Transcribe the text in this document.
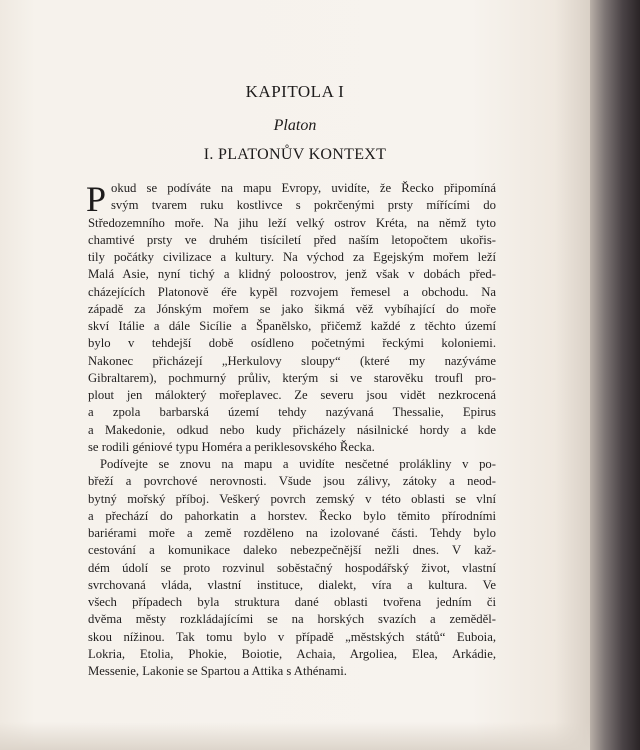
KAPITOLA I
Platon
I. PLATONŮV KONTEXT
P okud se podíváte na mapu Evropy, uvidíte, že Řecko připomíná
svým tvarem ruku kostlivce s pokrčenými prsty mířícími do
Středozemního moře. Na jihu leží velký ostrov Kréta, na němž tyto
chamtivé prsty ve druhém tisíciletí před naším letopočtem ukořis-
tily počátky civilizace a kultury. Na východ za Egejským mořem leží
Malá Asie, nyní tichý a klidný poloostrov, jenž však v dobách před-
cházejících Platonově éře kypěl rozvojem řemesel a obchodu. Na
západě za Jónským mořem se jako šikmá věž vybíhající do moře
skví Itálie a dále Sicílie a Španělsko, přičemž každé z těchto území
bylo v tehdejší době osídleno početnými řeckými koloniemi.
Nakonec přicházejí „Herkulovy sloupy“ (které my nazýváme
Gibraltarem), pochmurný průliv, kterým si ve starověku troufl pro-
plout jen málokterý mořeplavec. Ze severu jsou vidět nezkrocená
a zpola barbarská území tehdy nazývaná Thessalie, Epirus
a Makedonie, odkud nebo kudy přicházely násilnické hordy a kde
se rodili géniové typu Homéra a periklesovského Řecka.
Podívejte se znovu na mapu a uvidíte nesčetné proláklinу v po-
břeží a povrchové nerovnosti. Všude jsou zálivy, zátoky a neod-
bytný mořský příboj. Veškerý povrch zemský v této oblasti se vlní
a přechází do pahorkatin a horstev. Řecko bylo těmito přírodními
bariérami moře a země rozděleno na izolované části. Tehdy bylo
cestování a komunikace daleko nebezpečnější nežli dnes. V kaž-
dém údolí se proto rozvinul soběstačný hospodářský život, vlastní
svrchovaná vláda, vlastní instituce, dialekt, víra a kultura. Ve
všech případech byla struktura dané oblasti tvořena jedním či
dvěma městy rozkládajícími se na horských svazích a zeměděl-
skou nížinou. Tak tomu bylo v případě „městských států“ Euboia,
Lokria, Etolia, Phokie, Boiotie, Achaia, Argoliea, Elea, Arkádie,
Messenie, Lakonie se Spartou a Attika s Athénami.
